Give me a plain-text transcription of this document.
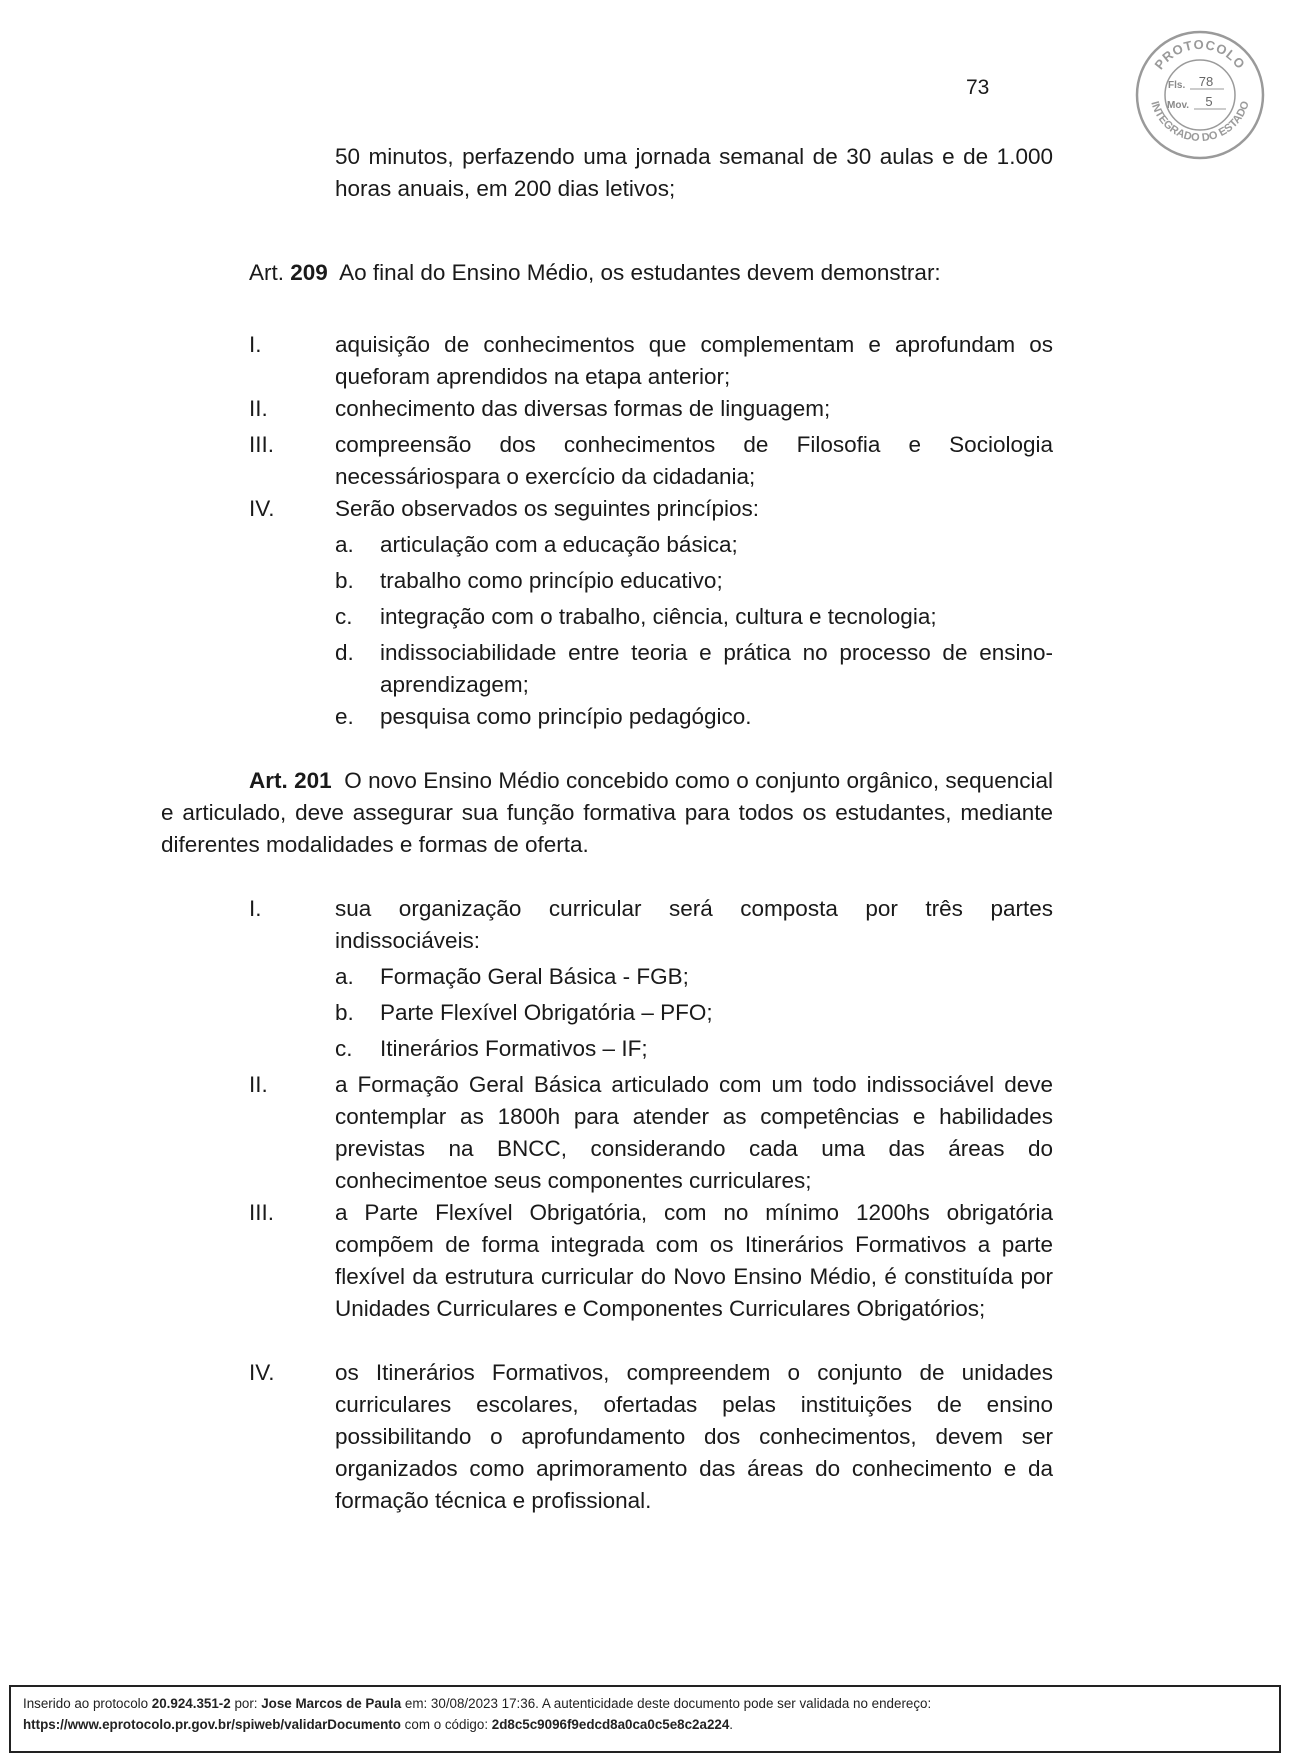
73
PROTOCOLO
INTEGRADO DO ESTADO
Fls. 78
Mov. 5
50 minutos, perfazendo uma jornada semanal de 30 aulas e de 1.000 horas anuais, em 200 dias letivos;
Art. 209 Ao final do Ensino Médio, os estudantes devem demonstrar:
I.	aquisição de conhecimentos que complementam e aprofundam os queforam aprendidos na etapa anterior;
II.	conhecimento das diversas formas de linguagem;
III.	compreensão dos conhecimentos de Filosofia e Sociologia necessáriospara o exercício da cidadania;
IV.	Serão observados os seguintes princípios:
a. articulação com a educação básica;
b. trabalho como princípio educativo;
c. integração com o trabalho, ciência, cultura e tecnologia;
d. indissociabilidade entre teoria e prática no processo de ensino-aprendizagem;
e. pesquisa como princípio pedagógico.
Art. 201 O novo Ensino Médio concebido como o conjunto orgânico, sequencial e articulado, deve assegurar sua função formativa para todos os estudantes, mediante diferentes modalidades e formas de oferta.
I.	sua organização curricular será composta por três partes indissociáveis:
a. Formação Geral Básica - FGB;
b. Parte Flexível Obrigatória – PFO;
c. Itinerários Formativos – IF;
II.	a Formação Geral Básica articulado com um todo indissociável deve contemplar as 1800h para atender as competências e habilidades previstas na BNCC, considerando cada uma das áreas do conhecimentoe seus componentes curriculares;
III.	a Parte Flexível Obrigatória, com no mínimo 1200hs obrigatória compõem de forma integrada com os Itinerários Formativos a parte flexível da estrutura curricular do Novo Ensino Médio, é constituída por Unidades Curriculares e Componentes Curriculares Obrigatórios;
IV.	os Itinerários Formativos, compreendem o conjunto de unidades curriculares escolares, ofertadas pelas instituições de ensino possibilitando o aprofundamento dos conhecimentos, devem ser organizados como aprimoramento das áreas do conhecimento e da formação técnica e profissional.
Inserido ao protocolo 20.924.351-2 por: Jose Marcos de Paula em: 30/08/2023 17:36. A autenticidade deste documento pode ser validada no endereço:
https://www.eprotocolo.pr.gov.br/spiweb/validarDocumento com o código: 2d8c5c9096f9edcd8a0ca0c5e8c2a224.
